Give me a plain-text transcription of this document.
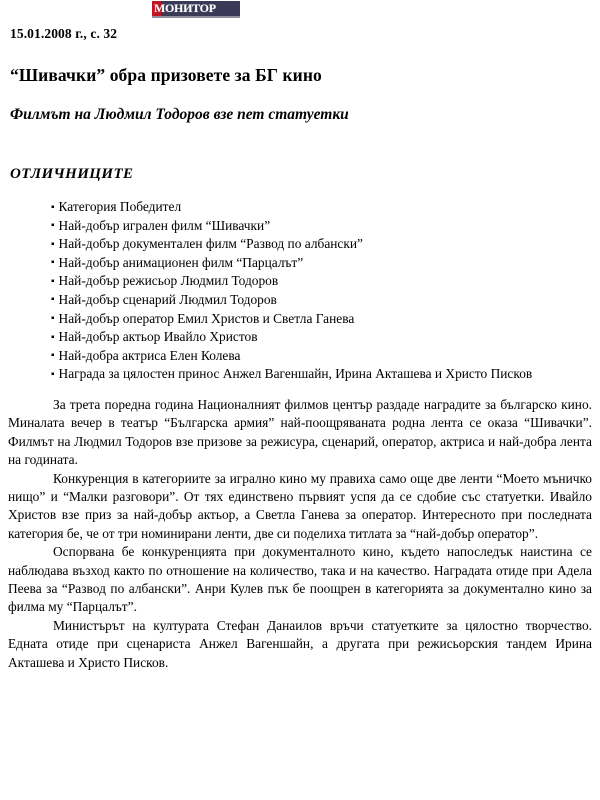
МОНИТОР
15.01.2008 г., с. 32
“Шивачки” обра призовете за БГ кино
Филмът на Людмил Тодоров взе пет статуетки
ОТЛИЧНИЦИТЕ
▪ Категория Победител
▪ Най-добър игрален филм “Шивачки”
▪ Най-добър документален филм “Развод по албански”
▪ Най-добър анимационен филм “Парцалът”
▪ Най-добър режисьор Людмил Тодоров
▪ Най-добър сценарий Людмил Тодоров
▪ Най-добър оператор Емил Христов и Светла Ганева
▪ Най-добър актьор Ивайло Христов
▪ Най-добра актриса Елен Колева
▪ Награда за цялостен принос Анжел Вагеншайн, Ирина Акташева и Христо Писков

За трета поредна година Националният филмов център раздаде наградите за българско кино. Миналата вечер в театър “Българска армия” най-поощряваната родна лента се оказа “Шивачки”. Филмът на Людмил Тодоров взе призове за режисура, сценарий, оператор, актриса и най-добра лента на годината.

Конкуренция в категориите за игрално кино му правиха само още две ленти “Моето мъничко нищо” и “Малки разговори”. От тях единствено първият успя да се сдобие със статуетки. Ивайло Христов взе приз за най-добър актьор, а Светла Ганева за оператор. Интересното при последната категория бе, че от три номинирани ленти, две си поделиха титлата за “най-добър оператор”.

Оспорвана бе конкуренцията при документалното кино, където напоследък наистина се наблюдава възход както по отношение на количество, така и на качество. Наградата отиде при Адела Пеева за “Развод по албански”. Анри Кулев пък бе поощрен в категорията за документално кино за филма му “Парцалът”.

Министърът на културата Стефан Данаилов връчи статуетките за цялостно творчество. Едната отиде при сценариста Анжел Вагеншайн, а другата при режисьорския тандем Ирина Акташева и Христо Писков.
